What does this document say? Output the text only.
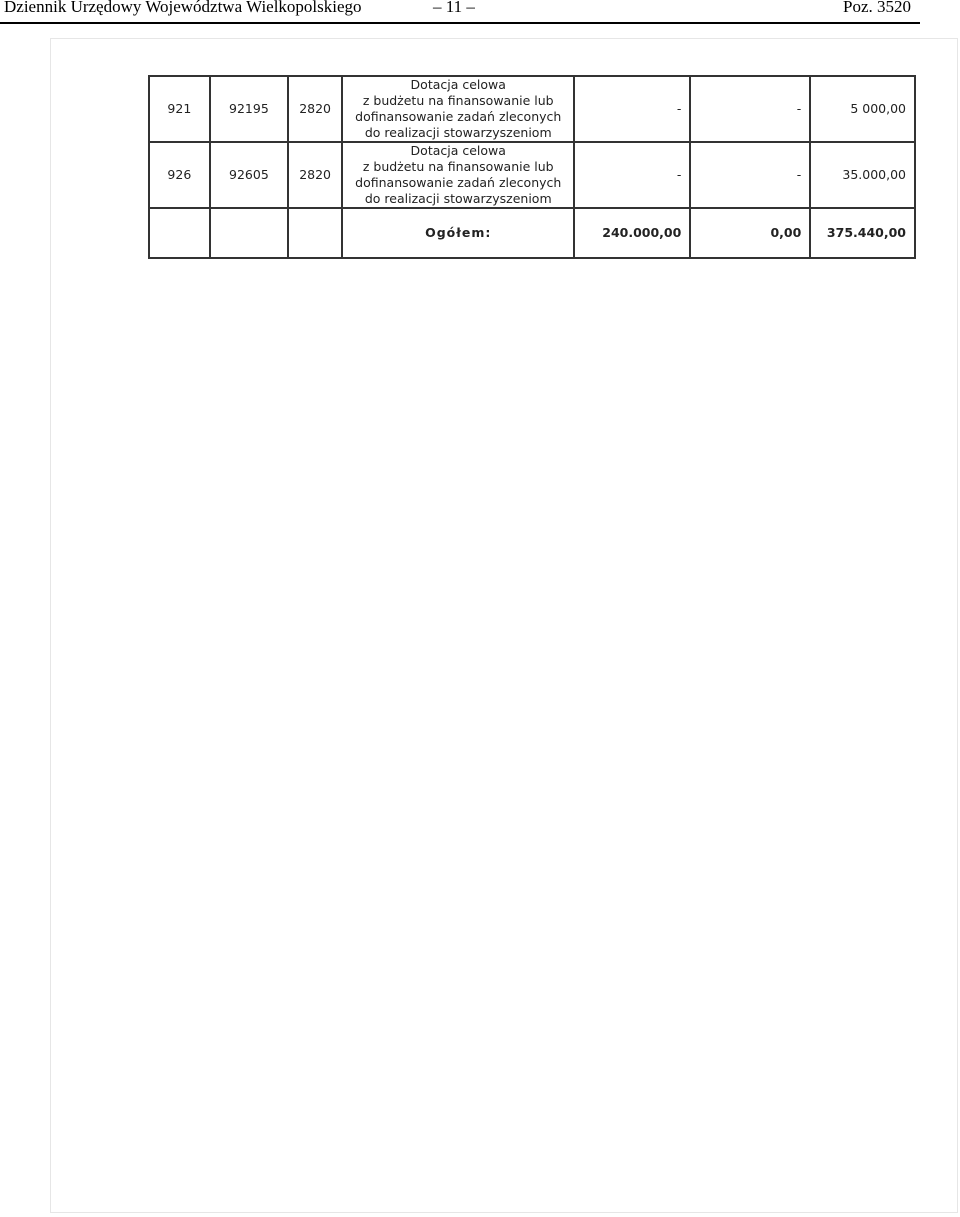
Dziennik Urzędowy Województwa Wielkopolskiego	– 11 –	Poz. 3520
921	92195	2820	Dotacja celowa
z budżetu na finansowanie lub
dofinansowanie zadań zleconych
do realizacji stowarzyszeniom	-	-	5 000,00
926	92605	2820	Dotacja celowa
z budżetu na finansowanie lub
dofinansowanie zadań zleconych
do realizacji stowarzyszeniom	-	-	35.000,00
			Ogółem:	240.000,00	0,00	375.440,00
